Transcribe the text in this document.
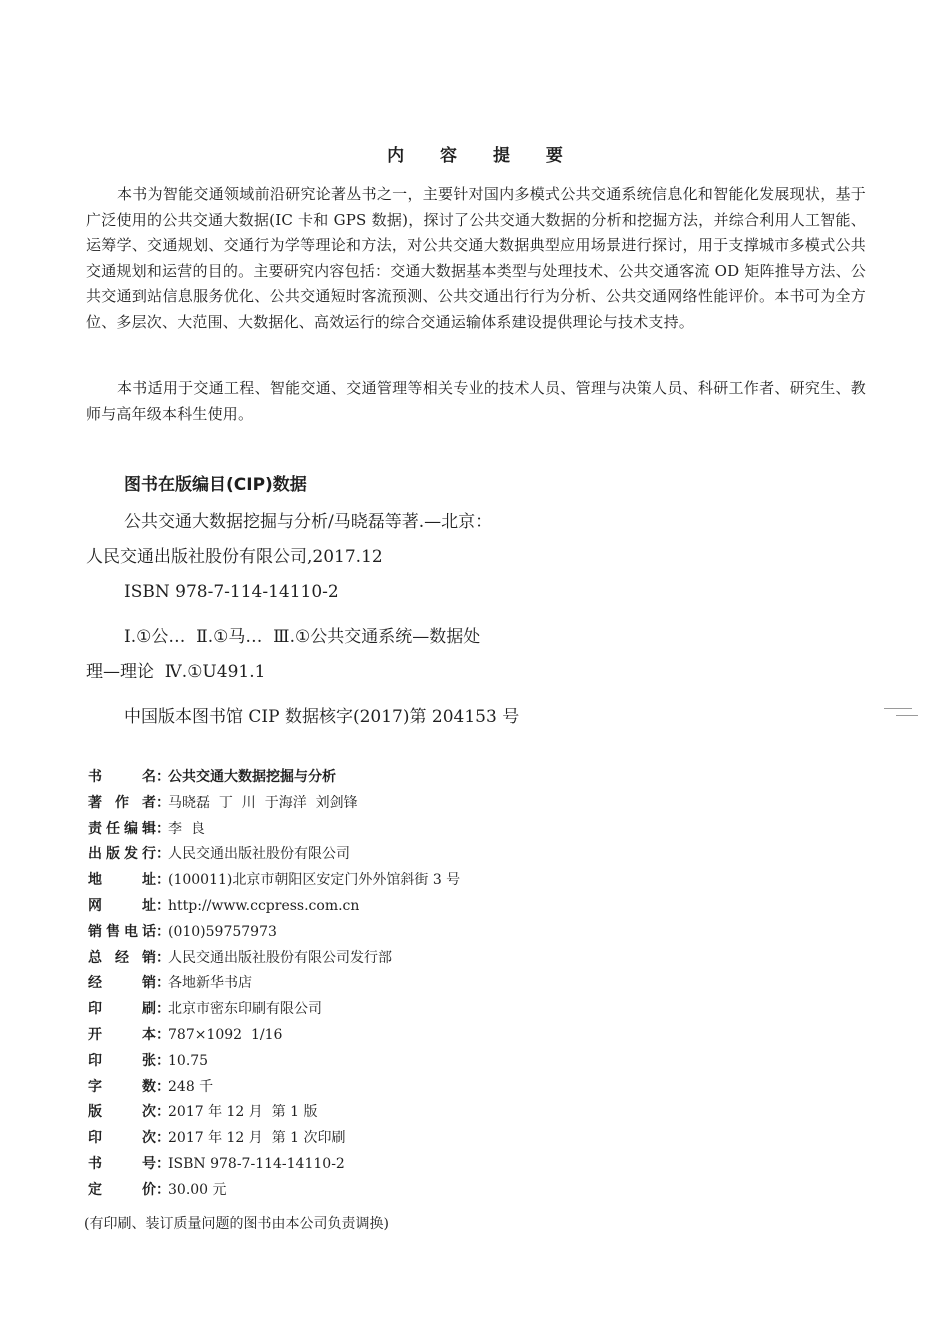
内 容 提 要

本书为智能交通领域前沿研究论著丛书之一，主要针对国内多模式公共交通系统信息化和智能化发展现状，基于广泛使用的公共交通大数据(IC 卡和 GPS 数据)，探讨了公共交通大数据的分析和挖掘方法，并综合利用人工智能、运筹学、交通规划、交通行为学等理论和方法，对公共交通大数据典型应用场景进行探讨，用于支撑城市多模式公共交通规划和运营的目的。主要研究内容包括：交通大数据基本类型与处理技术、公共交通客流 OD 矩阵推导方法、公共交通到站信息服务优化、公共交通短时客流预测、公共交通出行行为分析、公共交通网络性能评价。本书可为全方位、多层次、大范围、大数据化、高效运行的综合交通运输体系建设提供理论与技术支持。

本书适用于交通工程、智能交通、交通管理等相关专业的技术人员、管理与决策人员、科研工作者、研究生、教师与高年级本科生使用。

图书在版编目(CIP)数据
公共交通大数据挖掘与分析/马晓磊等著.—北京：
人民交通出版社股份有限公司,2017.12
ISBN 978-7-114-14110-2
Ⅰ.①公…  Ⅱ.①马…  Ⅲ.①公共交通系统—数据处
理—理论  Ⅳ.①U491.1
中国版本图书馆 CIP 数据核字(2017)第 204153 号
书	名 ：
公共交通大数据挖掘与分析
著 作 者 ：
马晓磊  丁  川  于海洋  刘剑锋
责 任 编 辑 ：
李  良
出 版 发 行 ：
人民交通出版社股份有限公司
地	址 ：
(100011)北京市朝阳区安定门外外馆斜街 3 号
网	址 ：
http://www.ccpress.com.cn
销 售 电 话 ：
(010)59757973
总 经 销 ：
人民交通出版社股份有限公司发行部
经	销 ：
各地新华书店
印	刷 ：
北京市密东印刷有限公司
开	本 ：
787×1092  1/16
印	张 ：
10.75
字	数 ：
248 千
版	次 ：
2017 年 12 月  第 1 版
印	次 ：
2017 年 12 月  第 1 次印刷
书	号 ：
ISBN 978-7-114-14110-2
定	价 ：
30.00 元
(有印刷、装订质量问题的图书由本公司负责调换)
